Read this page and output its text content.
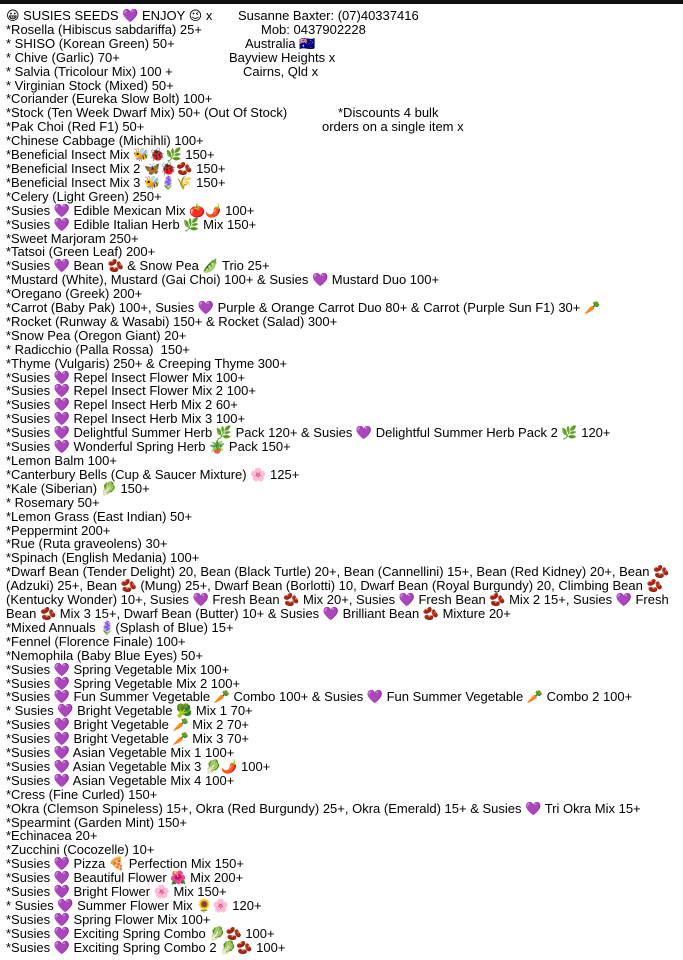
😀 SUSIES SEEDS 💜 ENJOY 😉 x
*Rosella (Hibiscus sabdariffa) 25+
* SHISO (Korean Green) 50+
* Chive (Garlic) 70+
* Salvia (Tricolour Mix) 100 +
* Virginian Stock (Mixed) 50+
*Coriander (Eureka Slow Bolt) 100+
*Stock (Ten Week Dwarf Mix) 50+ (Out Of Stock)
*Pak Choi (Red F1) 50+
*Chinese Cabbage (Michihli) 100+
*Beneficial Insect Mix 🐝🐞🌿 150+
*Beneficial Insect Mix 2 🦋🐞🫘 150+
*Beneficial Insect Mix 3 🐝🪻🌾 150+
*Celery (Light Green) 250+
*Susies 💜 Edible Mexican Mix 🍅🌶️ 100+
*Susies 💜 Edible Italian Herb 🌿 Mix 150+
*Sweet Marjoram 250+
*Tatsoi (Green Leaf) 200+
*Susies 💜 Bean 🫘 & Snow Pea 🫛 Trio 25+
*Mustard (White), Mustard (Gai Choi) 100+ & Susies 💜 Mustard Duo 100+
*Oregano (Greek) 200+
*Carrot (Baby Pak) 100+, Susies 💜 Purple & Orange Carrot Duo 80+ & Carrot (Purple Sun F1) 30+ 🥕
*Rocket (Runway & Wasabi) 150+ & Rocket (Salad) 300+
*Snow Pea (Oregon Giant) 20+
* Radicchio (Palla Rossa)  150+
*Thyme (Vulgaris) 250+ & Creeping Thyme 300+
*Susies 💜 Repel Insect Flower Mix 100+
*Susies 💜 Repel Insect Flower Mix 2 100+
*Susies 💜 Repel Insect Herb Mix 2 60+
*Susies 💜 Repel Insect Herb Mix 3 100+
*Susies 💜 Delightful Summer Herb 🌿 Pack 120+ & Susies 💜 Delightful Summer Herb Pack 2 🌿 120+
*Susies 💜 Wonderful Spring Herb 🪴 Pack 150+
*Lemon Balm 100+
*Canterbury Bells (Cup & Saucer Mixture) 🌸 125+
*Kale (Siberian) 🥬 150+
* Rosemary 50+
*Lemon Grass (East Indian) 50+
*Peppermint 200+
*Rue (Ruta graveolens) 30+
*Spinach (English Medania) 100+
*Dwarf Bean (Tender Delight) 20, Bean (Black Turtle) 20+, Bean (Cannellini) 15+, Bean (Red Kidney) 20+, Bean 🫘 (Adzuki) 25+, Bean 🫘 (Mung) 25+, Dwarf Bean (Borlotti) 10, Dwarf Bean (Royal Burgundy) 20, Climbing Bean 🫘 (Kentucky Wonder) 10+, Susies 💜 Fresh Bean 🫘 Mix 20+, Susies 💜 Fresh Bean 🫘 Mix 2 15+, Susies 💜 Fresh Bean 🫘 Mix 3 15+, Dwarf Bean (Butter) 10+ & Susies 💜 Brilliant Bean 🫘 Mixture 20+
*Mixed Annuals 🪻(Splash of Blue) 15+
*Fennel (Florence Finale) 100+
*Nemophila (Baby Blue Eyes) 50+
*Susies 💜 Spring Vegetable Mix 100+
*Susies 💜 Spring Vegetable Mix 2 100+
*Susies 💜 Fun Summer Vegetable 🥕 Combo 100+ & Susies 💜 Fun Summer Vegetable 🥕 Combo 2 100+
* Susies 💜 Bright Vegetable 🥦 Mix 1 70+
*Susies 💜 Bright Vegetable 🥕 Mix 2 70+
*Susies 💜 Bright Vegetable 🥕 Mix 3 70+
*Susies 💜 Asian Vegetable Mix 1 100+
*Susies 💜 Asian Vegetable Mix 3 🥬🌶️ 100+
*Susies 💜 Asian Vegetable Mix 4 100+
*Cress (Fine Curled) 150+
*Okra (Clemson Spineless) 15+, Okra (Red Burgundy) 25+, Okra (Emerald) 15+ & Susies 💜 Tri Okra Mix 15+
*Spearmint (Garden Mint) 150+
*Echinacea 20+
*Zucchini (Cocozelle) 10+
*Susies 💜 Pizza 🍕 Perfection Mix 150+
*Susies 💜 Beautiful Flower 🌺 Mix 200+
*Susies 💜 Bright Flower 🌸 Mix 150+
* Susies 💜 Summer Flower Mix 🌻🌸 120+
*Susies 💜 Spring Flower Mix 100+
*Susies 💜 Exciting Spring Combo 🥬🫘 100+
*Susies 💜 Exciting Spring Combo 2 🥬🫘 100+
Susanne Baxter: (07)40337416
Mob: 0437902228
Australia 🇦🇺
Bayview Heights x
Cairns, Qld x
*Discounts 4 bulk
orders on a single item x
